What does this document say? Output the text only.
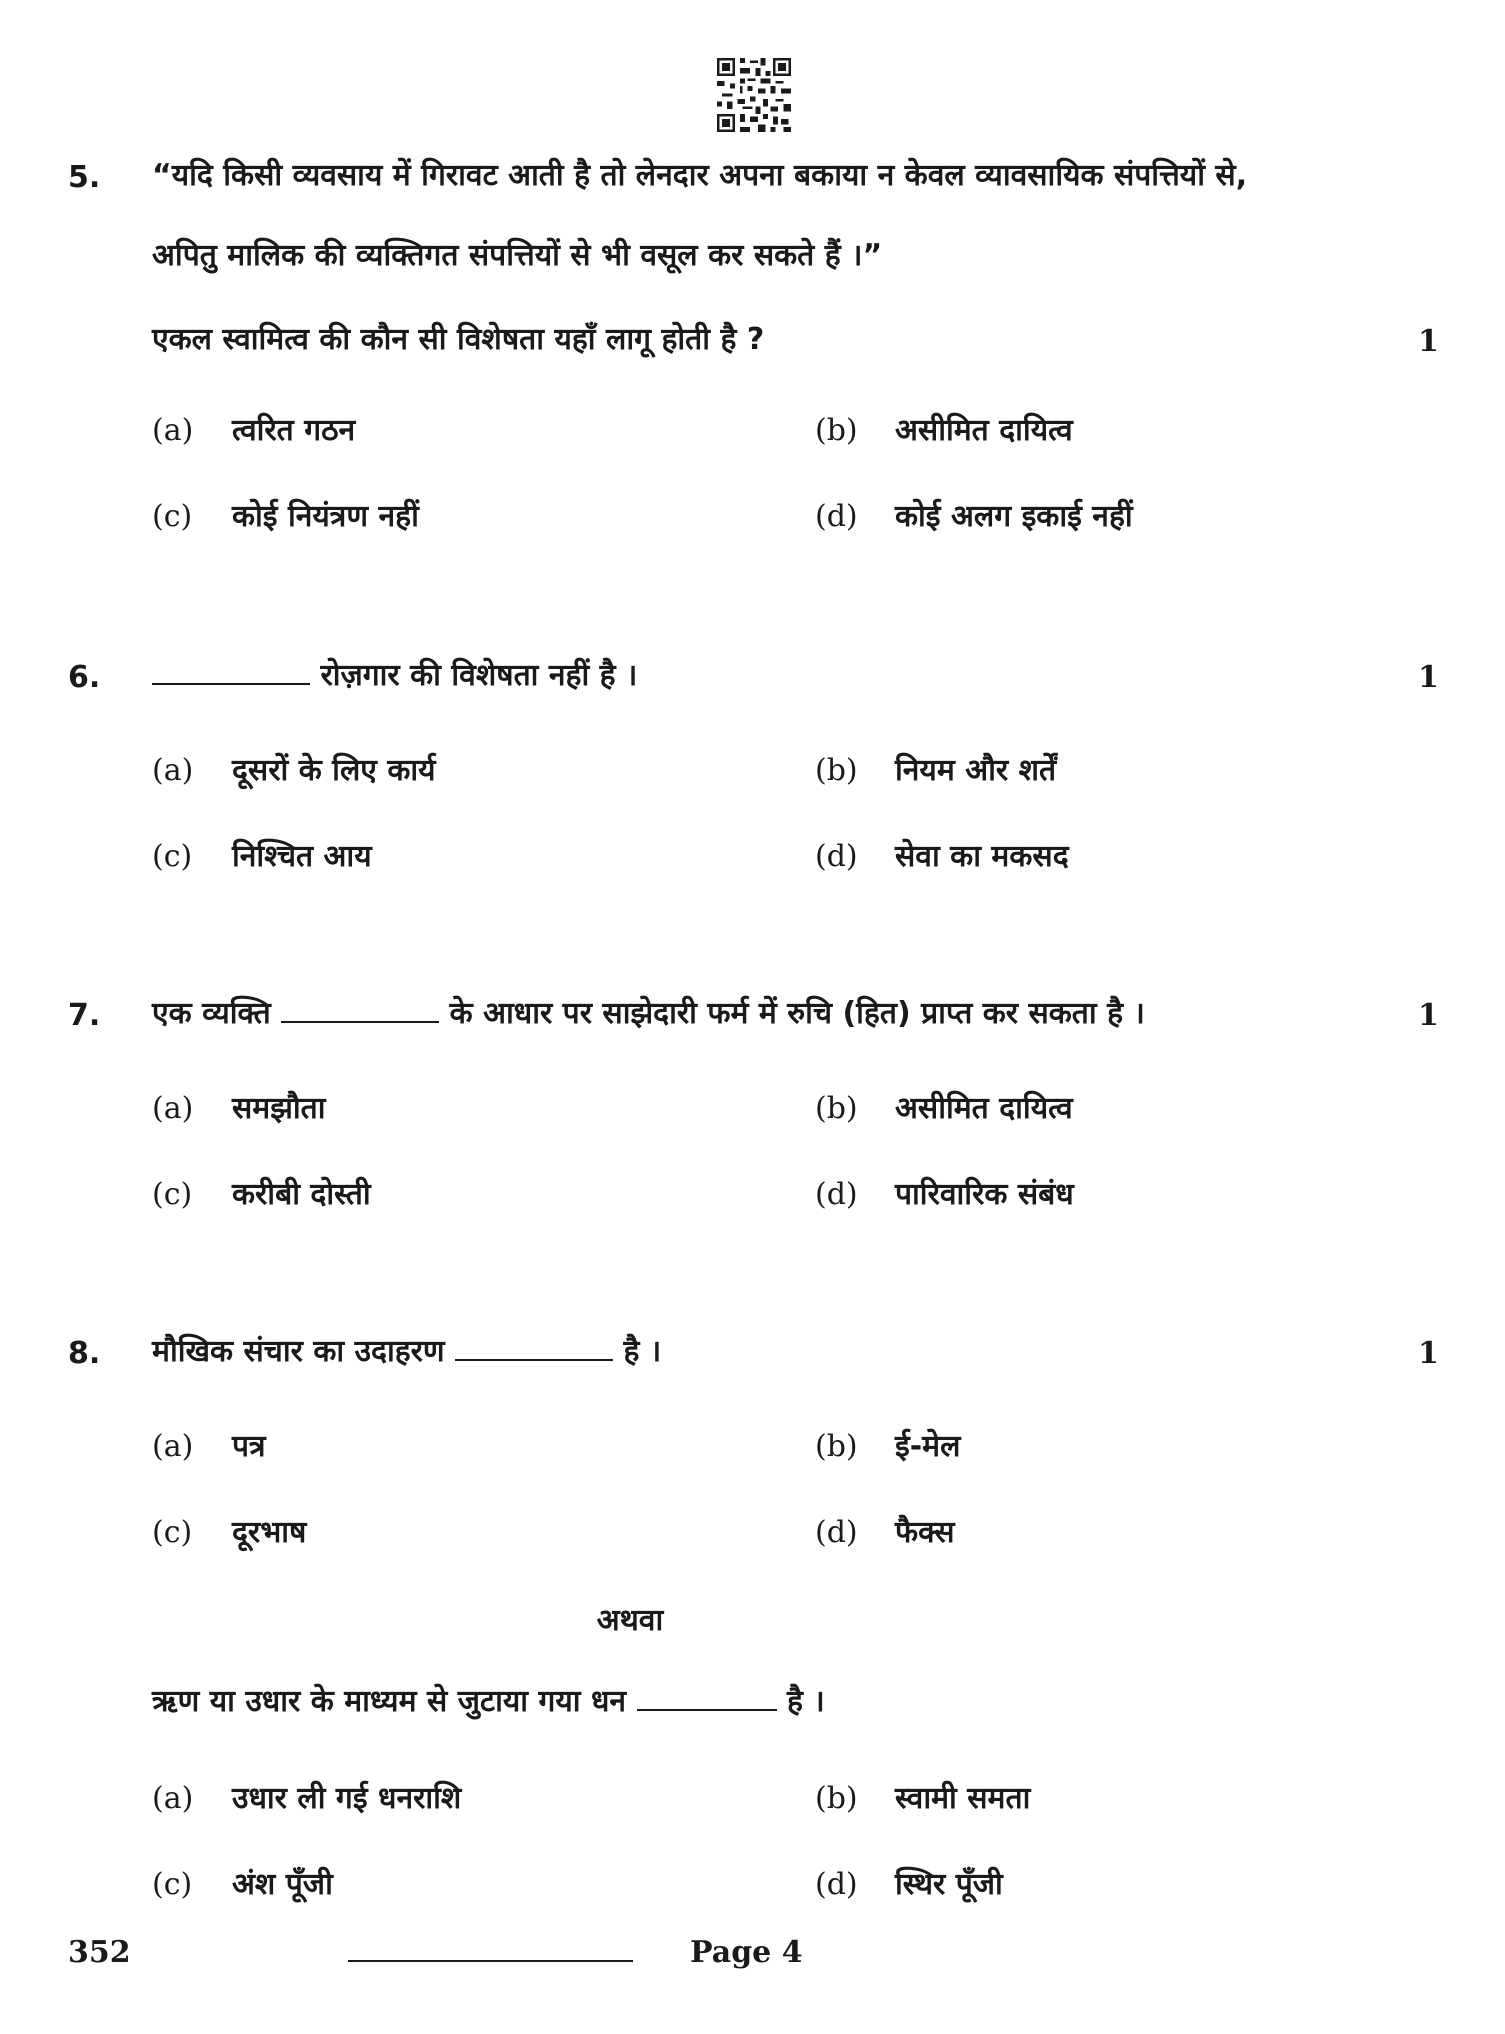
5. “यदि किसी व्यवसाय में गिरावट आती है तो लेनदार अपना बकाया न केवल व्यावसायिक संपत्तियों से,
अपितु मालिक की व्यक्तिगत संपत्तियों से भी वसूल कर सकते हैं ।”
एकल स्वामित्व की कौन सी विशेषता यहाँ लागू होती है ?	1
(a) त्वरित गठन	(b) असीमित दायित्व
(c) कोई नियंत्रण नहीं	(d) कोई अलग इकाई नहीं
6.	रोज़गार की विशेषता नहीं है ।	1
(a) दूसरों के लिए कार्य	(b) नियम और शर्तें
(c) निश्चित आय	(d) सेवा का मकसद
7. एक व्यक्ति	के आधार पर साझेदारी फर्म में रुचि (हित) प्राप्त कर सकता है ।	1
(a) समझौता	(b) असीमित दायित्व
(c) करीबी दोस्ती	(d) पारिवारिक संबंध
8. मौखिक संचार का उदाहरण	है ।	1
(a) पत्र	(b) ई-मेल
(c) दूरभाष	(d) फैक्स
अथवा
ऋण या उधार के माध्यम से जुटाया गया धन	है ।
(a) उधार ली गई धनराशि	(b) स्वामी समता
(c) अंश पूँजी	(d) स्थिर पूँजी
352	Page 4
